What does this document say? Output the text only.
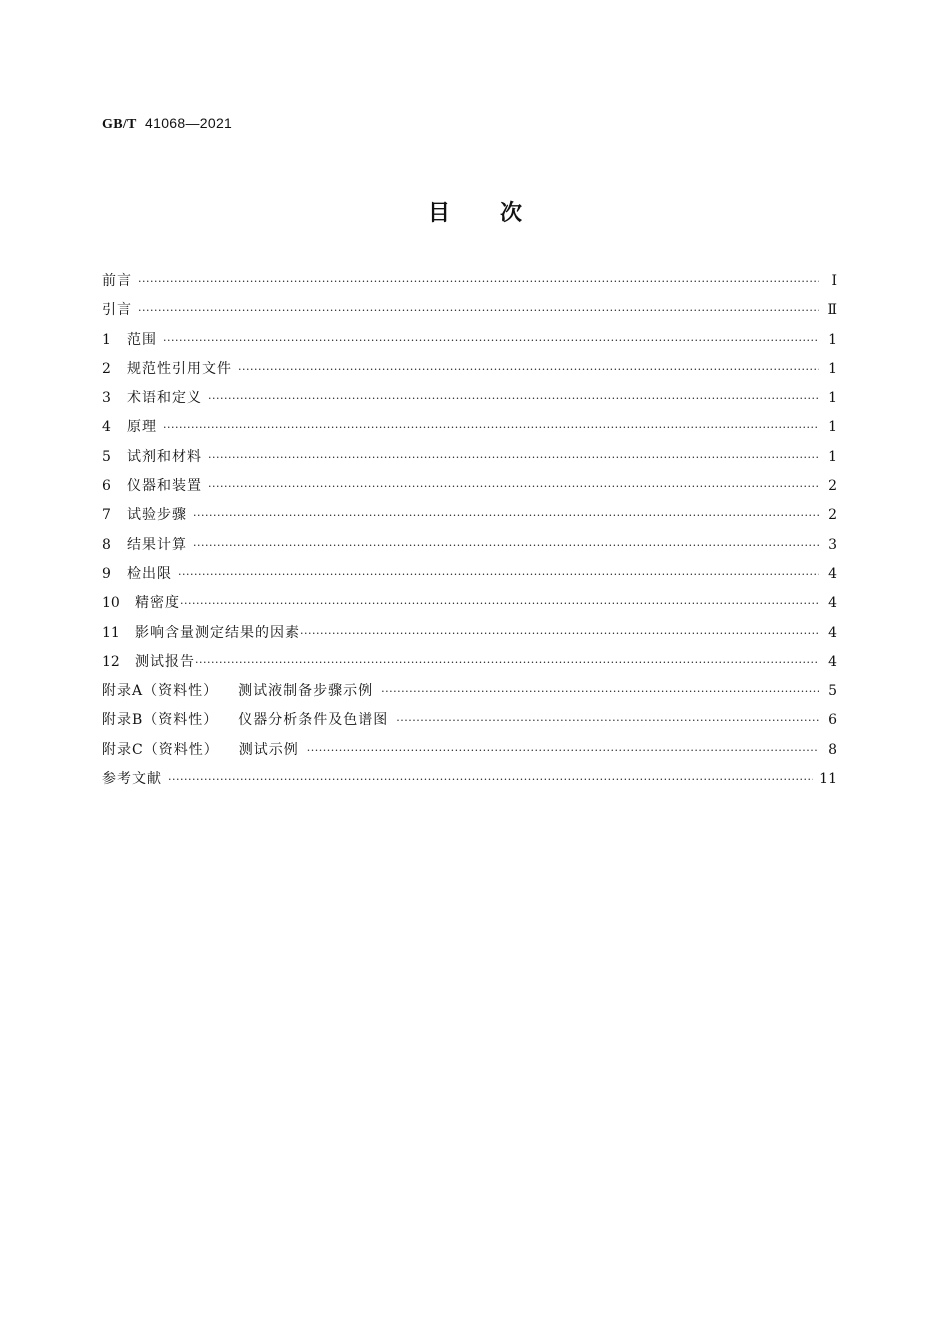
GB/T 41068—2021
目次
前言 ·····	Ⅰ
引言 ·····	Ⅱ
1	范围 ·····	1
2	规范性引用文件 ·····	1
3	术语和定义 ·····	1
4	原理 ·····	1
5	试剂和材料 ·····	1
6	仪器和装置 ·····	2
7	试验步骤 ·····	2
8	结果计算 ·····	3
9	检出限 ·····	4
10	精密度 ·····	4
11	影响含量测定结果的因素 ·····	4
12	测试报告 ·····	4
附录A（资料性） 测试液制备步骤示例 ·····	5
附录B（资料性） 仪器分析条件及色谱图 ·····	6
附录C（资料性） 测试示例 ·····	8
参考文献 ·····	11
